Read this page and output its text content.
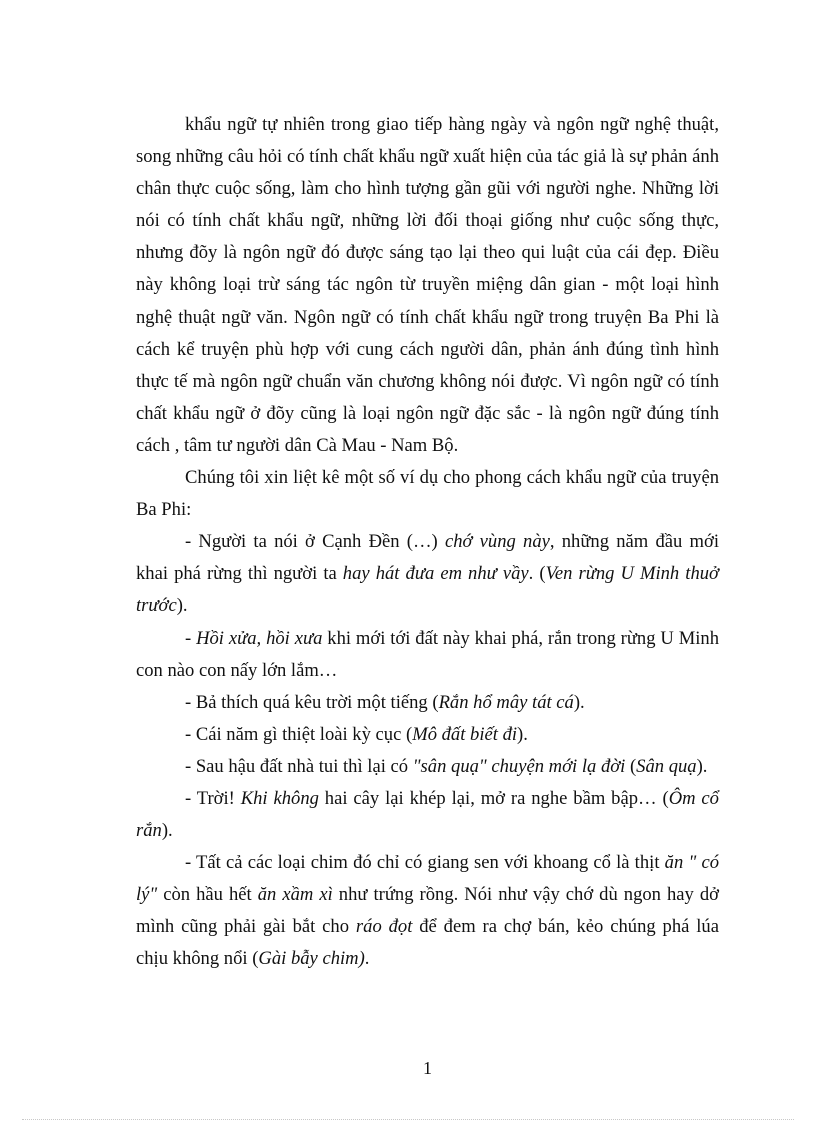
khẩu ngữ tự nhiên trong giao tiếp hàng ngày và ngôn ngữ nghệ thuật, song những câu hỏi có tính chất khẩu ngữ xuất hiện của tác giả là sự phản ánh chân thực cuộc sống, làm cho hình tượng gần gũi với người nghe. Những lời nói có tính chất khẩu ngữ, những lời đối thoại giống như cuộc sống thực, nhưng đõy là ngôn ngữ đó được sáng tạo lại theo qui luật của cái đẹp. Điều này không loại trừ sáng tác ngôn từ truyền miệng dân gian - một loại hình nghệ thuật ngữ văn. Ngôn ngữ có tính chất khẩu ngữ trong truyện Ba Phi là cách kể truyện phù hợp với cung cách người dân, phản ánh đúng tình hình thực tế mà ngôn ngữ chuẩn văn chương không nói được. Vì ngôn ngữ có tính chất khẩu ngữ ở đõy cũng là loại ngôn ngữ đặc sắc - là ngôn ngữ đúng tính cách , tâm tư người dân Cà Mau - Nam Bộ.

Chúng tôi xin liệt kê một số ví dụ cho phong cách khẩu ngữ của truyện Ba Phi:

- Người ta nói ở Cạnh Đền (…) chớ vùng này, những năm đầu mới khai phá rừng thì người ta hay hát đưa em như vầy. (Ven rừng U Minh thuở trước).

- Hồi xửa, hồi xưa khi mới tới đất này khai phá, rắn trong rừng U Minh con nào con nấy lớn lắm…

- Bả thích quá kêu trời một tiếng (Rắn hổ mây tát cá).

- Cái năm gì thiệt loài kỳ cục (Mô đất biết đi).

- Sau hậu đất nhà tui thì lại có "sân quạ" chuyện mới lạ đời (Sân quạ).

- Trời! Khi không hai cây lại khép lại, mở ra nghe bầm bập… (Ôm cổ rắn).

- Tất cả các loại chim đó chỉ có giang sen với khoang cổ là thịt ăn " có lý" còn hầu hết ăn xầm xì như trứng rồng. Nói như vậy chớ dù ngon hay dở mình cũng phải gài bắt cho ráo đọt để đem ra chợ bán, kẻo chúng phá lúa chịu không nổi (Gài bẫy chim).

1
